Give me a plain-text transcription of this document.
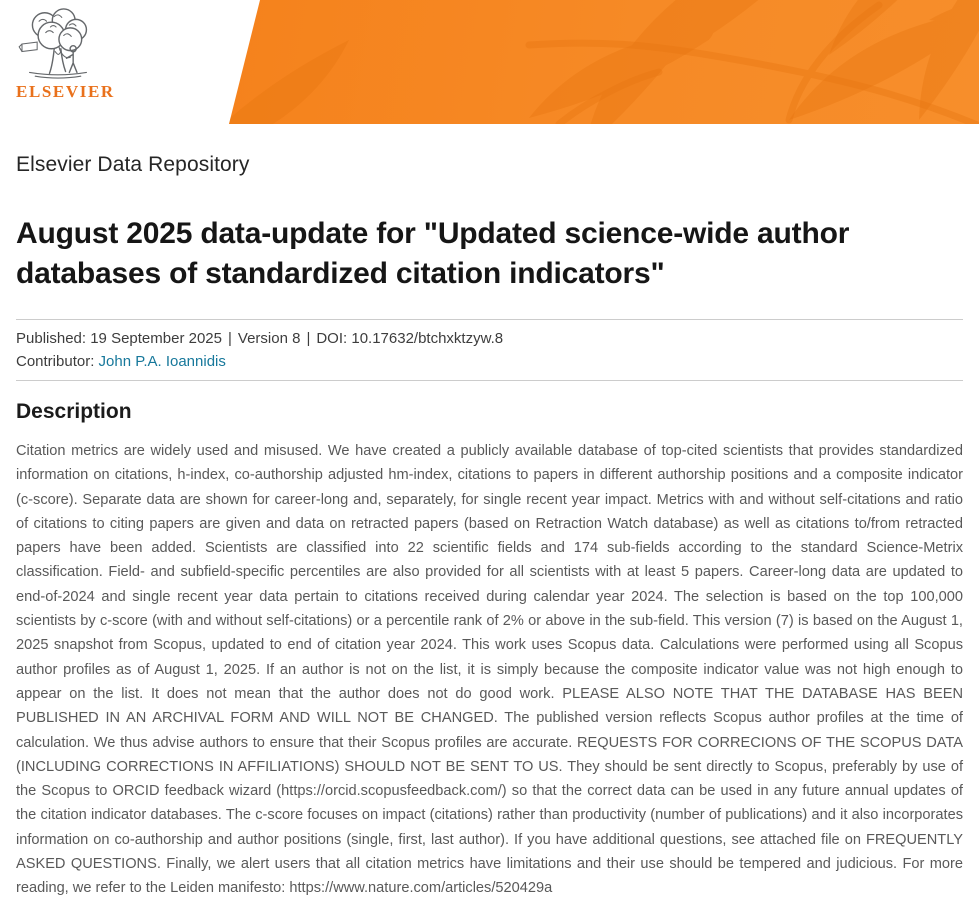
ELSEVIER
Elsevier Data Repository
August 2025 data-update for "Updated science-wide author databases of standardized citation indicators"
Published: 19 September 2025 | Version 8 | DOI: 10.17632/btchxktzyw.8
Contributor: John P.A. Ioannidis
Description

Citation metrics are widely used and misused. We have created a publicly available database of top-cited scientists that provides standardized information on citations, h-index, co-authorship adjusted hm-index, citations to papers in different authorship positions and a composite indicator (c-score). Separate data are shown for career-long and, separately, for single recent year impact. Metrics with and without self-citations and ratio of citations to citing papers are given and data on retracted papers (based on Retraction Watch database) as well as citations to/from retracted papers have been added. Scientists are classified into 22 scientific fields and 174 sub-fields according to the standard Science-Metrix classification. Field- and subfield-specific percentiles are also provided for all scientists with at least 5 papers. Career-long data are updated to end-of-2024 and single recent year data pertain to citations received during calendar year 2024. The selection is based on the top 100,000 scientists by c-score (with and without self-citations) or a percentile rank of 2% or above in the sub-field. This version (7) is based on the August 1, 2025 snapshot from Scopus, updated to end of citation year 2024. This work uses Scopus data. Calculations were performed using all Scopus author profiles as of August 1, 2025. If an author is not on the list, it is simply because the composite indicator value was not high enough to appear on the list. It does not mean that the author does not do good work. PLEASE ALSO NOTE THAT THE DATABASE HAS BEEN PUBLISHED IN AN ARCHIVAL FORM AND WILL NOT BE CHANGED. The published version reflects Scopus author profiles at the time of calculation. We thus advise authors to ensure that their Scopus profiles are accurate. REQUESTS FOR CORRECIONS OF THE SCOPUS DATA (INCLUDING CORRECTIONS IN AFFILIATIONS) SHOULD NOT BE SENT TO US. They should be sent directly to Scopus, preferably by use of the Scopus to ORCID feedback wizard (https://orcid.scopusfeedback.com/) so that the correct data can be used in any future annual updates of the citation indicator databases. The c-score focuses on impact (citations) rather than productivity (number of publications) and it also incorporates information on co-authorship and author positions (single, first, last author). If you have additional questions, see attached file on FREQUENTLY ASKED QUESTIONS. Finally, we alert users that all citation metrics have limitations and their use should be tempered and judicious. For more reading, we refer to the Leiden manifesto: https://www.nature.com/articles/520429a
